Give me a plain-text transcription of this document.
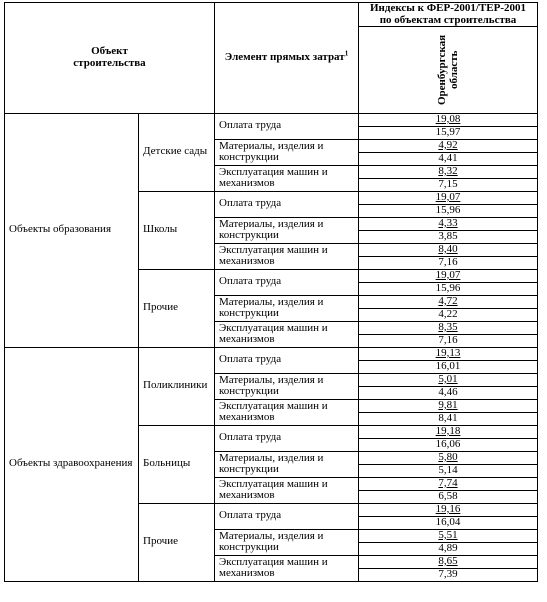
Объект
строительства		Элемент прямых затрат$^1$	Индексы к ФЕР-2001/ТЕР-2001
по объектам строительства

			Оренбургская область

Объекты образования	Детские сады	Оплата труда	19,08
			15,97
		Материалы, изделия и конструкции	4,92
			4,41
		Эксплуатация машин и механизмов	8,32
			7,15
	Школы	Оплата труда	19,07
			15,96
		Материалы, изделия и конструкции	4,33
			3,85
		Эксплуатация машин и механизмов	8,40
			7,16
	Прочие	Оплата труда	19,07
			15,96
		Материалы, изделия и конструкции	4,72
			4,22
		Эксплуатация машин и механизмов	8,35
			7,16
Объекты здравоохранения	Поликлиники	Оплата труда	19,13
			16,01
		Материалы, изделия и конструкции	5,01
			4,46
		Эксплуатация машин и механизмов	9,81
			8,41
	Больницы	Оплата труда	19,18
			16,06
		Материалы, изделия и конструкции	5,80
			5,14
		Эксплуатация машин и механизмов	7,74
			6,58
	Прочие	Оплата труда	19,16
			16,04
		Материалы, изделия и конструкции	5,51
			4,89
		Эксплуатация машин и механизмов	8,65
			7,39
